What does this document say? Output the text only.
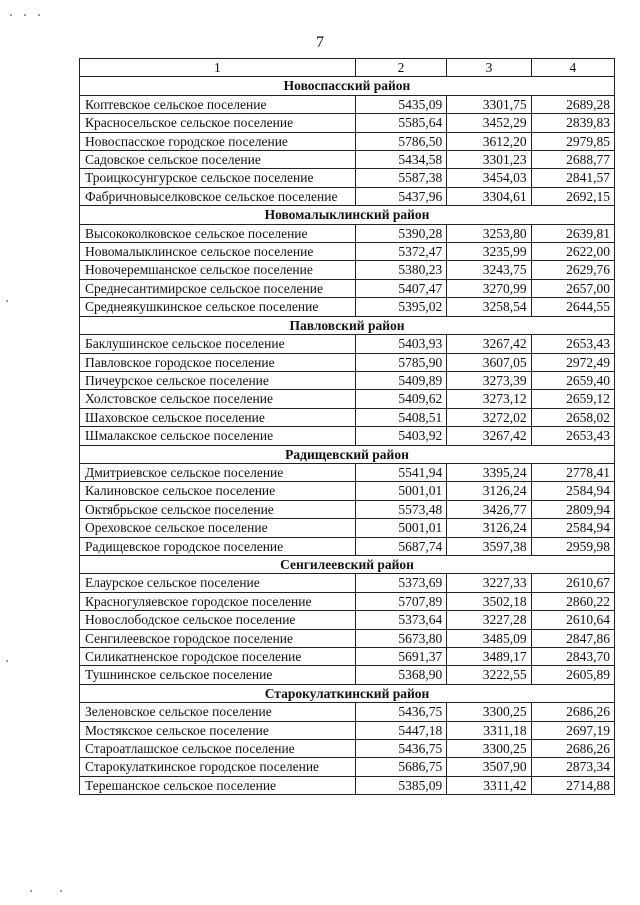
7
1	2	3	4
Новоспасский район			
Коптевское сельское поселение	5435,09	3301,75	2689,28
Красносельское сельское поселение	5585,64	3452,29	2839,83
Новоспасское городское поселение	5786,50	3612,20	2979,85
Садовское сельское поселение	5434,58	3301,23	2688,77
Троицкосунгурское сельское поселение	5587,38	3454,03	2841,57
Фабричновыселковское сельское поселение	5437,96	3304,61	2692,15
Новомалыклинский район			
Высококолковское сельское поселение	5390,28	3253,80	2639,81
Новомалыклинское сельское поселение	5372,47	3235,99	2622,00
Новочеремшанское сельское поселение	5380,23	3243,75	2629,76
Среднесантимирское сельское поселение	5407,47	3270,99	2657,00
Среднеякушкинское сельское поселение	5395,02	3258,54	2644,55
Павловский район			
Баклушинское сельское поселение	5403,93	3267,42	2653,43
Павловское городское поселение	5785,90	3607,05	2972,49
Пичеурское сельское поселение	5409,89	3273,39	2659,40
Холстовское сельское поселение	5409,62	3273,12	2659,12
Шаховское сельское поселение	5408,51	3272,02	2658,02
Шмалакское сельское поселение	5403,92	3267,42	2653,43
Радищевский район			
Дмитриевское сельское поселение	5541,94	3395,24	2778,41
Калиновское сельское поселение	5001,01	3126,24	2584,94
Октябрьское сельское поселение	5573,48	3426,77	2809,94
Ореховское сельское поселение	5001,01	3126,24	2584,94
Радищевское городское поселение	5687,74	3597,38	2959,98
Сенгилеевский район			
Елаурское сельское поселение	5373,69	3227,33	2610,67
Красногуляевское городское поселение	5707,89	3502,18	2860,22
Новослободское сельское поселение	5373,64	3227,28	2610,64
Сенгилеевское городское поселение	5673,80	3485,09	2847,86
Силикатненское городское поселение	5691,37	3489,17	2843,70
Тушнинское сельское поселение	5368,90	3222,55	2605,89
Старокулаткинский район			
Зеленовское сельское поселение	5436,75	3300,25	2686,26
Мостякское сельское поселение	5447,18	3311,18	2697,19
Староатлашское сельское поселение	5436,75	3300,25	2686,26
Старокулаткинское городское поселение	5686,75	3507,90	2873,34
Терешанское сельское поселение	5385,09	3311,42	2714,88
